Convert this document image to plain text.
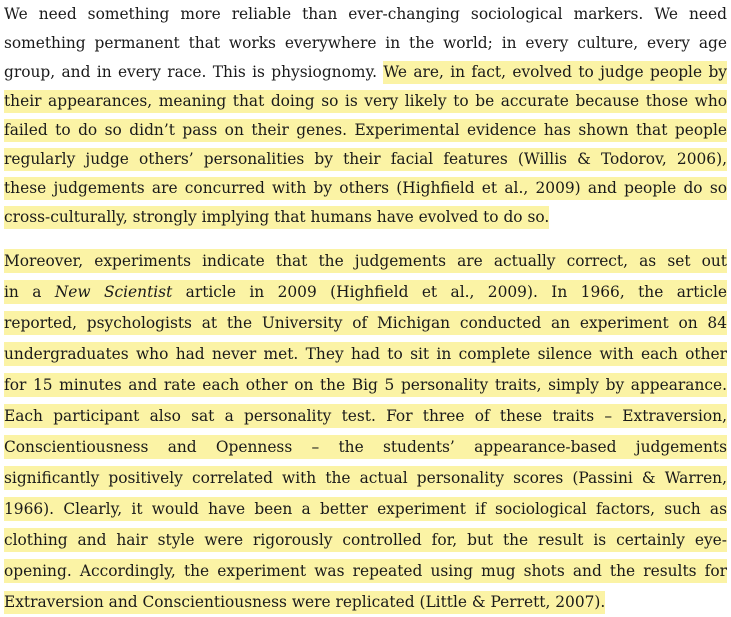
We need something more reliable than ever-changing sociological markers. We need
something permanent that works everywhere in the world; in every culture, every age
group, and in every race. This is physiognomy. We are, in fact, evolved to judge people by
their appearances, meaning that doing so is very likely to be accurate because those who
failed to do so didn’t pass on their genes. Experimental evidence has shown that people
regularly judge others’ personalities by their facial features (Willis & Todorov, 2006),
these judgements are concurred with by others (Highfield et al., 2009) and people do so
cross-culturally, strongly implying that humans have evolved to do so.
Moreover, experiments indicate that the judgements are actually correct, as set out
in a New Scientist article in 2009 (Highfield et al., 2009). In 1966, the article
reported, psychologists at the University of Michigan conducted an experiment on 84
undergraduates who had never met. They had to sit in complete silence with each other
for 15 minutes and rate each other on the Big 5 personality traits, simply by appearance.
Each participant also sat a personality test. For three of these traits – Extraversion,
Conscientiousness and Openness – the students’ appearance-based judgements
significantly positively correlated with the actual personality scores (Passini & Warren,
1966). Clearly, it would have been a better experiment if sociological factors, such as
clothing and hair style were rigorously controlled for, but the result is certainly eye-
opening. Accordingly, the experiment was repeated using mug shots and the results for
Extraversion and Conscientiousness were replicated (Little & Perrett, 2007).
